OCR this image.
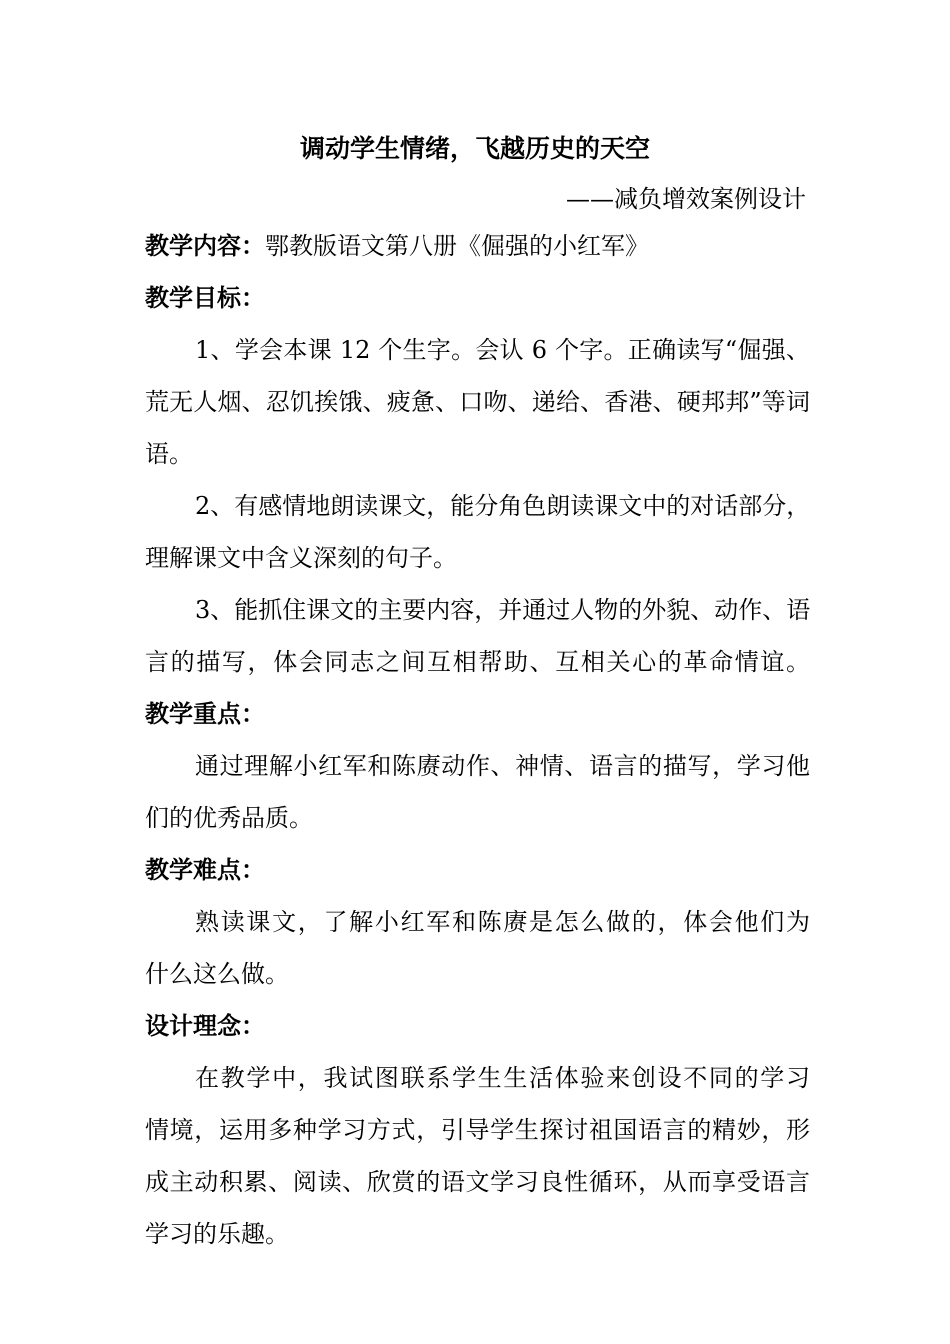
调动学生情绪，飞越历史的天空
——减负增效案例设计
教学内容：鄂教版语文第八册《倔强的小红军》
教学目标：
1、学会本课 12 个生字。会认 6 个字。正确读写“倔强、
荒无人烟、忍饥挨饿、疲惫、口吻、递给、香港、硬邦邦”等词
语。
2、有感情地朗读课文，能分角色朗读课文中的对话部分，
理解课文中含义深刻的句子。
3、能抓住课文的主要内容，并通过人物的外貌、动作、语
言的描写，体会同志之间互相帮助、互相关心的革命情谊。
教学重点：
通过理解小红军和陈赓动作、神情、语言的描写，学习他
们的优秀品质。
教学难点：
熟读课文，了解小红军和陈赓是怎么做的，体会他们为
什么这么做。
设计理念：
在教学中，我试图联系学生生活体验来创设不同的学习
情境，运用多种学习方式，引导学生探讨祖国语言的精妙，形
成主动积累、阅读、欣赏的语文学习良性循环，从而享受语言
学习的乐趣。
